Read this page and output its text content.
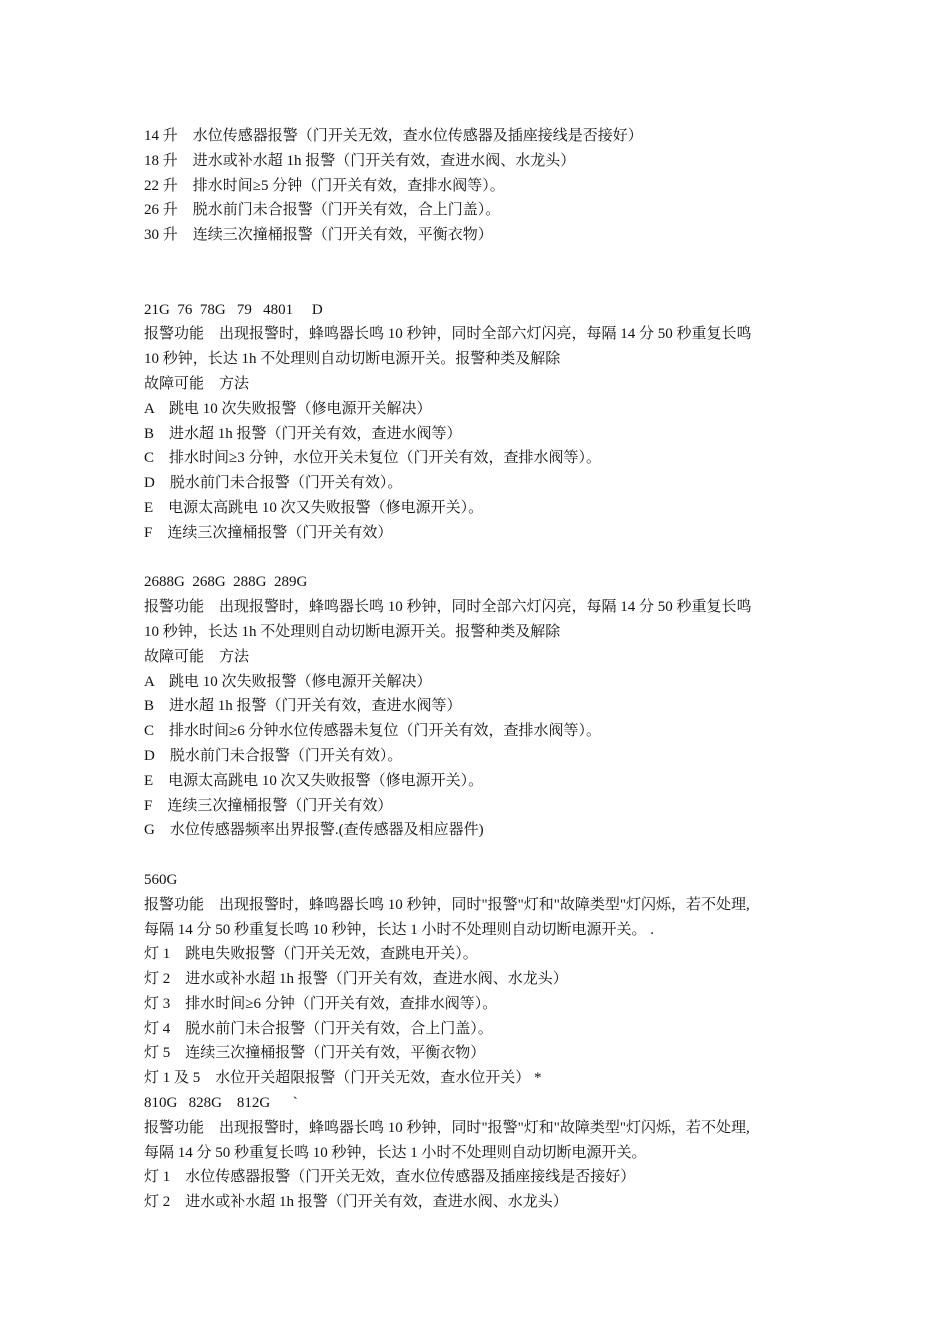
14 升　水位传感器报警（门开关无效，查水位传感器及插座接线是否接好）
18 升　进水或补水超 1h 报警（门开关有效，查进水阀、水龙头）
22 升　排水时间≥5 分钟（门开关有效，查排水阀等）。
26 升　脱水前门未合报警（门开关有效，合上门盖）。
30 升　连续三次撞桶报警（门开关有效，平衡衣物）
21G  76  78G   79   4801     D
报警功能　出现报警时，蜂鸣器长鸣 10 秒钟，同时全部六灯闪亮，每隔 14 分 50 秒重复长鸣
10 秒钟，长达 1h 不处理则自动切断电源开关。报警种类及解除
故障可能　方法
A　跳电 10 次失败报警（修电源开关解决）
B　进水超 1h 报警（门开关有效，查进水阀等）
C　排水时间≥3 分钟，水位开关未复位（门开关有效，查排水阀等）。
D　脱水前门未合报警（门开关有效）。
E　电源太高跳电 10 次又失败报警（修电源开关）。
F　连续三次撞桶报警（门开关有效）
2688G  268G  288G  289G
报警功能　出现报警时，蜂鸣器长鸣 10 秒钟，同时全部六灯闪亮，每隔 14 分 50 秒重复长鸣
10 秒钟，长达 1h 不处理则自动切断电源开关。报警种类及解除
故障可能　方法
A　跳电 10 次失败报警（修电源开关解决）
B　进水超 1h 报警（门开关有效，查进水阀等）
C　排水时间≥6 分钟水位传感器未复位（门开关有效，查排水阀等）。
D　脱水前门未合报警（门开关有效）。
E　电源太高跳电 10 次又失败报警（修电源开关）。
F　连续三次撞桶报警（门开关有效）
G　水位传感器频率出界报警.(查传感器及相应器件)
560G
报警功能　出现报警时，蜂鸣器长鸣 10 秒钟，同时"报警"灯和"故障类型"灯闪烁，若不处理,
每隔 14 分 50 秒重复长鸣 10 秒钟，长达 1 小时不处理则自动切断电源开关。 .
灯 1　跳电失败报警（门开关无效，查跳电开关）。
灯 2　进水或补水超 1h 报警（门开关有效，查进水阀、水龙头）
灯 3　排水时间≥6 分钟（门开关有效，查排水阀等）。
灯 4　脱水前门未合报警（门开关有效，合上门盖）。
灯 5　连续三次撞桶报警（门开关有效，平衡衣物）
灯 1 及 5　水位开关超限报警（门开关无效，查水位开关） *
810G   828G    812G      `
报警功能　出现报警时，蜂鸣器长鸣 10 秒钟，同时"报警"灯和"故障类型"灯闪烁，若不处理,
每隔 14 分 50 秒重复长鸣 10 秒钟，长达 1 小时不处理则自动切断电源开关。
灯 1　水位传感器报警（门开关无效，查水位传感器及插座接线是否接好）
灯 2　进水或补水超 1h 报警（门开关有效，查进水阀、水龙头）
